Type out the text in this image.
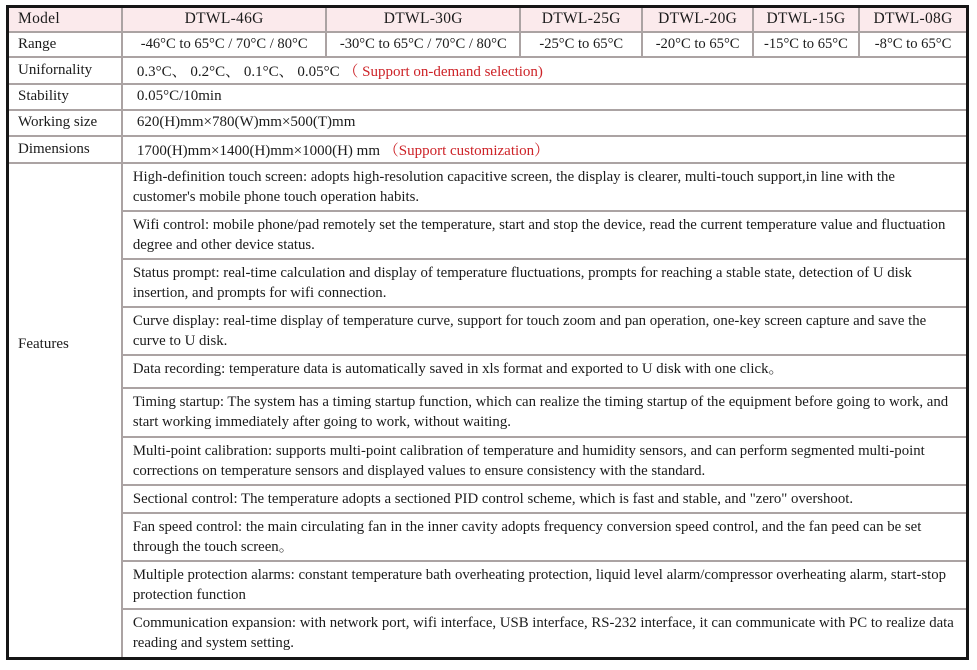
Model	DTWL-46G	DTWL-30G	DTWL-25G	DTWL-20G	DTWL-15G	DTWL-08G
Range	-46°C to 65°C / 70°C / 80°C	-30°C to 65°C / 70°C / 80°C	-25°C to 65°C	-20°C to 65°C	-15°C to 65°C	-8°C to 65°C
Unifornality	0.3°C、 0.2°C、 0.1°C、 0.05°C （ Support on-demand selection)					
Stability	0.05°C/10min					
Working size	620(H)mm×780(W)mm×500(T)mm					
Dimensions	1700(H)mm×1400(H)mm×1000(H) mm （Support customization）					
Features	High-definition touch screen: adopts high-resolution capacitive screen, the display is clearer, multi-touch support,in line with the customer's mobile phone touch operation habits.					
	Wifi control: mobile phone/pad remotely set the temperature, start and stop the device, read the current temperature value and fluctuation degree and other device status.					
	Status prompt: real-time calculation and display of temperature fluctuations, prompts for reaching a stable state, detection of U disk insertion, and prompts for wifi connection.					
	Curve display: real-time display of temperature curve, support for touch zoom and pan operation, one-key screen capture and save the curve to U disk.					
	Data recording: temperature data is automatically saved in xls format and exported to U disk with one click。					
	Timing startup: The system has a timing startup function, which can realize the timing startup of the equipment before going to work, and start working immediately after going to work, without waiting.					
	Multi-point calibration: supports multi-point calibration of temperature and humidity sensors, and can perform segmented multi-point corrections on temperature sensors and displayed values to ensure consistency with the standard.					
	Sectional control: The temperature adopts a sectioned PID control scheme, which is fast and stable, and "zero" overshoot.					
	Fan speed control: the main circulating fan in the inner cavity adopts frequency conversion speed control, and the fan peed can be set through the touch screen。					
	Multiple protection alarms: constant temperature bath overheating protection, liquid level alarm/compressor overheating alarm, start-stop protection function					
	Communication expansion: with network port, wifi interface, USB interface, RS-232 interface, it can communicate with PC to realize data reading and system setting.					
